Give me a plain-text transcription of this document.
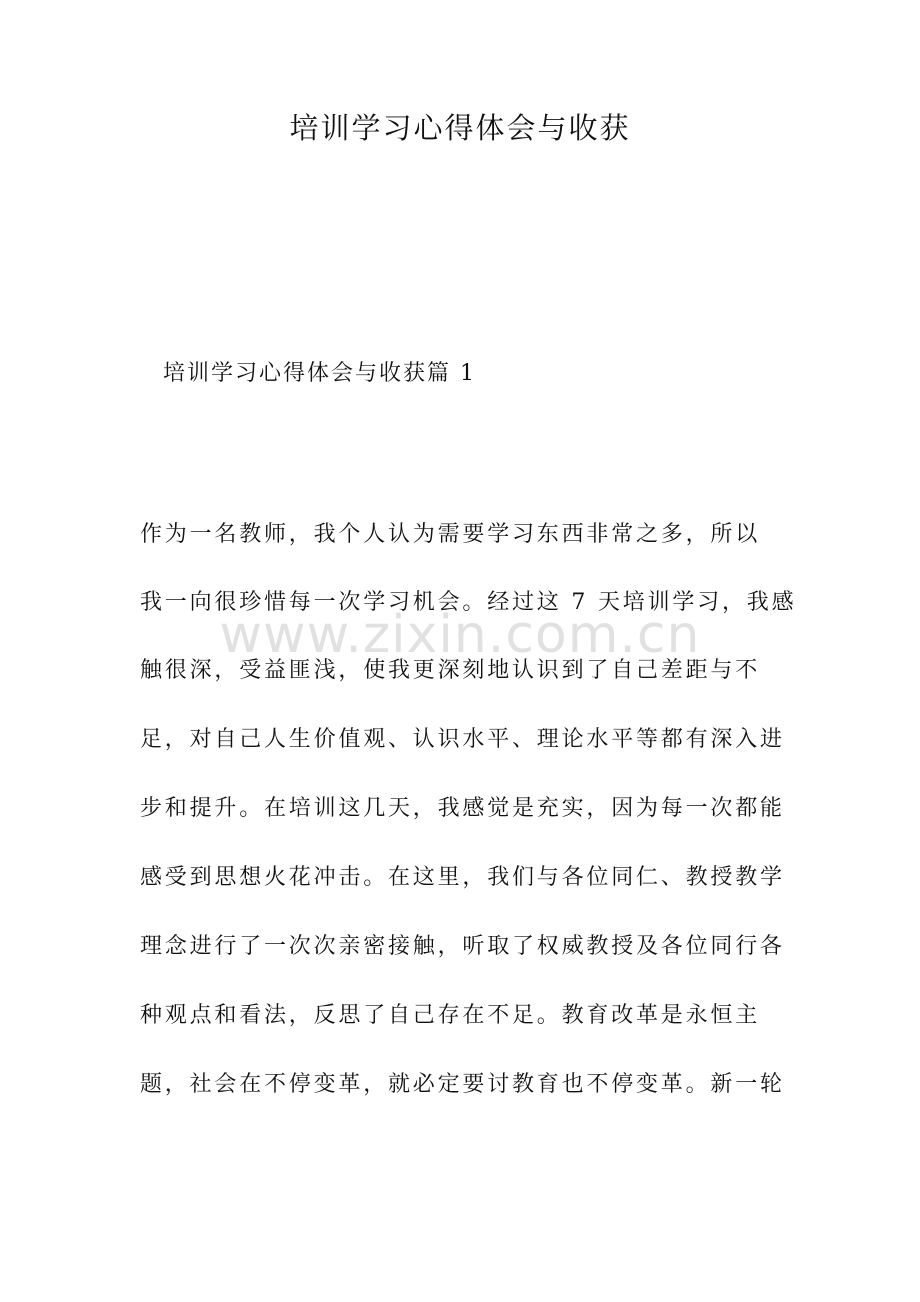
培训学习心得体会与收获
培训学习心得体会与收获篇 1
作为一名教师，我个人认为需要学习东西非常之多，所以
我一向很珍惜每一次学习机会。经过这 7 天培训学习，我感
触很深，受益匪浅，使我更深刻地认识到了自己差距与不
足，对自己人生价值观、认识水平、理论水平等都有深入进
步和提升。在培训这几天，我感觉是充实，因为每一次都能
感受到思想火花冲击。在这里，我们与各位同仁、教授教学
理念进行了一次次亲密接触，听取了权威教授及各位同行各
种观点和看法，反思了自己存在不足。教育改革是永恒主
题，社会在不停变革，就必定要讨教育也不停变革。新一轮
www.zixin.com.cn
